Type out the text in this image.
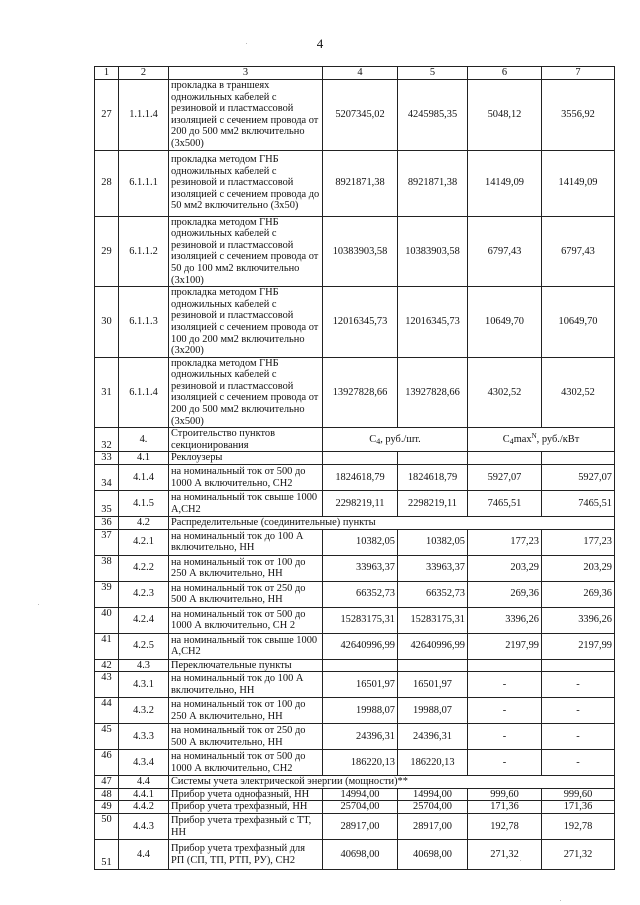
4
1	2	3	4	5	6	7
27	1.1.1.4	прокладка в траншеях одножильных кабелей с резиновой и пластмассовой изоляцией с сечением провода от 200 до 500 мм2 включительно (3x500)	5207345,02	4245985,35	5048,12	3556,92
28	6.1.1.1	прокладка методом ГНБ одножильных кабелей с резиновой и пластмассовой изоляцией с сечением провода до 50 мм2 включительно (3x50)	8921871,38	8921871,38	14149,09	14149,09
29	6.1.1.2	прокладка методом ГНБ одножильных кабелей с резиновой и пластмассовой изоляцией с сечением провода от 50 до 100 мм2 включительно (3x100)	10383903,58	10383903,58	6797,43	6797,43
30	6.1.1.3	прокладка методом ГНБ одножильных кабелей с резиновой и пластмассовой изоляцией с сечением провода от 100 до 200 мм2 включительно (3x200)	12016345,73	12016345,73	10649,70	10649,70
31	6.1.1.4	прокладка методом ГНБ одножильных кабелей с резиновой и пластмассовой изоляцией с сечением провода от 200 до 500 мм2 включительно (3x500)	13927828,66	13927828,66	4302,52	4302,52
32	4.	Строительство пунктов секционирования	С4, руб./шт.		$С4\max^N$, руб./кВт	
33	4.1	Реклоузеры				
34	4.1.4	на номинальный ток от 500 до 1000 А включительно, СН2	1824618,79	1824618,79	5927,07	5927,07
35	4.1.5	на номинальный ток свыше 1000 А,СН2	2298219,11	2298219,11	7465,51	7465,51
36	4.2	Распределительные (соединительные) пункты				
37	4.2.1	на номинальный ток до 100 А включительно, НН	10382,05	10382,05	177,23	177,23
38	4.2.2	на номинальный ток от 100 до 250 А включительно, НН	33963,37	33963,37	203,29	203,29
39	4.2.3	на номинальный ток от 250 до 500 А включительно, НН	66352,73	66352,73	269,36	269,36
40	4.2.4	на номинальный ток от 500 до 1000 А включительно, СН 2	15283175,31	15283175,31	3396,26	3396,26
41	4.2.5	на номинальный ток свыше 1000 А,СН2	42640996,99	42640996,99	2197,99	2197,99
42	4.3	Переключательные пункты				
43	4.3.1	на номинальный ток до 100 А включительно, НН	16501,97	16501,97	-	-
44	4.3.2	на номинальный ток от 100 до 250 А включительно, НН	19988,07	19988,07	-	-
45	4.3.3	на номинальный ток от 250 до 500 А включительно, НН	24396,31	24396,31	-	-
46	4.3.4	на номинальный ток от 500 до 1000 А включительно, СН2	186220,13	186220,13	-	-
47	4.4	Системы учета электрической энергии (мощности)**				
48	4.4.1	Прибор учета однофазный, НН	14994,00	14994,00	999,60	999,60
49	4.4.2	Прибор учета трехфазный, НН	25704,00	25704,00	171,36	171,36
50	4.4.3	Прибор учета трехфазный с ТТ, НН	28917,00	28917,00	192,78	192,78
51	4.4	Прибор учета трехфазный для РП (СП, ТП, РТП, РУ), СН2	40698,00	40698,00	271,32	271,32
